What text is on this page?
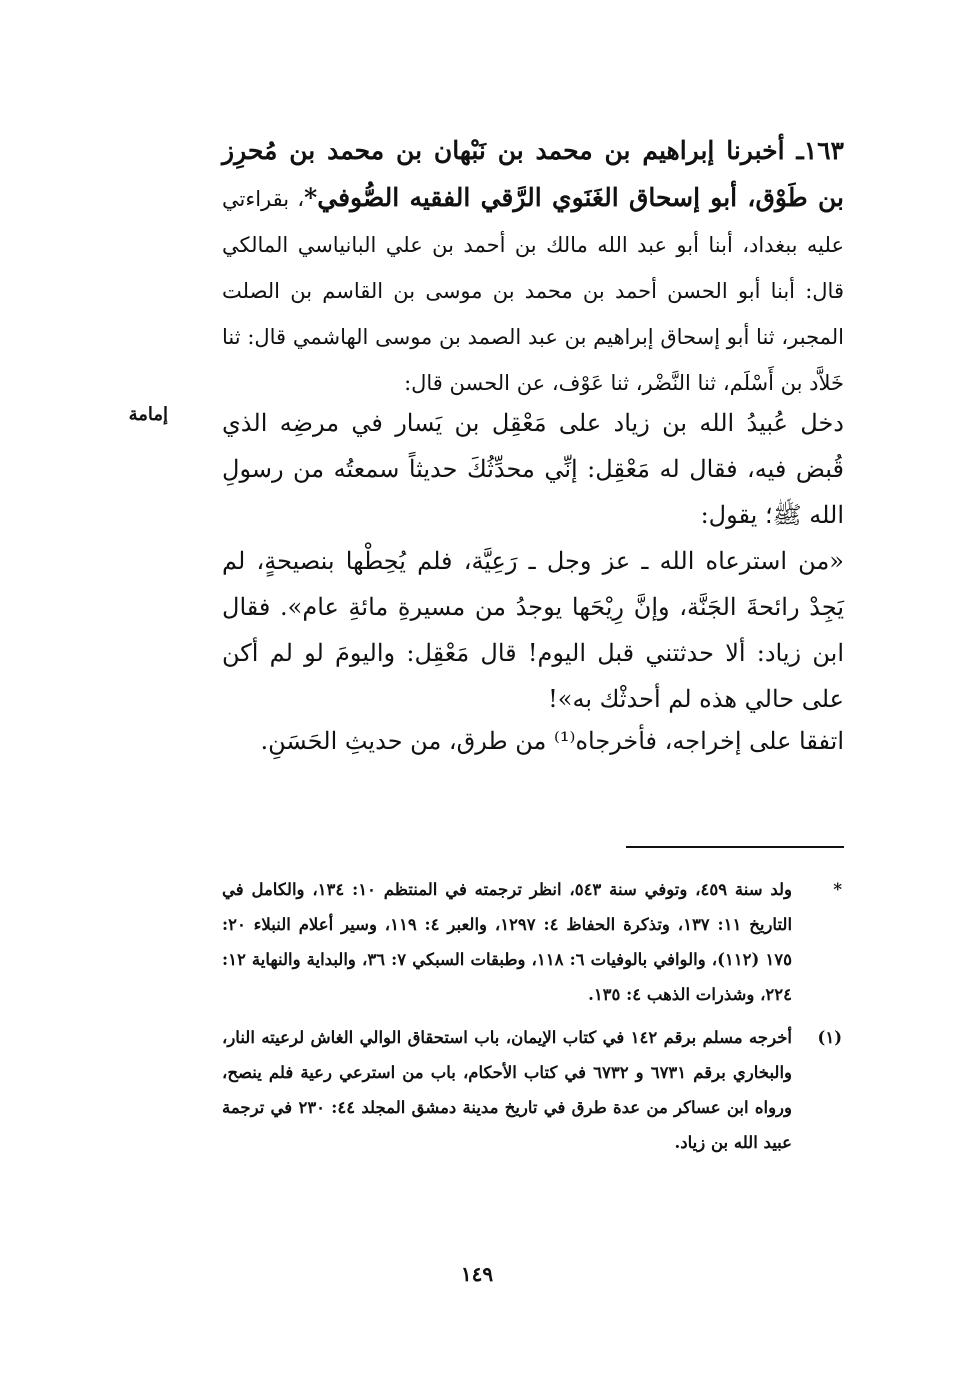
١٦٣ـ أخبرنا إبراهيم بن محمد بن نَبْهان بن محمد بن مُحرِز بن طَوْق، أبو إسحاق الغَنَوي الرَّقي الفقيه الصُّوفي*، بقراءتي عليه ببغداد، أبنا أبو عبد الله مالك بن أحمد بن علي البانياسي المالكي قال: أبنا أبو الحسن أحمد بن محمد بن موسى بن القاسم بن الصلت المجبر، ثنا أبو إسحاق إبراهيم بن عبد الصمد بن موسى الهاشمي قال: ثنا خَلاَّد بن أَسْلَم، ثنا النَّضْر، ثنا عَوْف، عن الحسن قال:
إمامة دخل عُبيدُ الله بن زياد على مَعْقِل بن يَسار في مرضِه الذي قُبض فيه، فقال له مَعْقِل: إنِّي محدِّثُكَ حديثاً سمعتُه من رسولِ الله ﷺ؛ يقول:
«من استرعاه الله ـ عز وجل ـ رَعِيَّة، فلم يُحِطْها بنصيحةٍ، لم يَجِدْ رائحةَ الجَنَّة، وإنَّ رِيْحَها يوجدُ من مسيرةِ مائةِ عام». فقال ابن زياد: ألا حدثتني قبل اليوم! قال مَعْقِل: واليومَ لو لم أكن على حالي هذه لم أحدثْك به»!
اتفقا على إخراجه، فأخرجاه⁽¹⁾ من طرق، من حديثِ الحَسَنِ.
*
ولد سنة ٤٥٩، وتوفي سنة ٥٤٣، انظر ترجمته في المنتظم ١٠: ١٣٤، والكامل في التاريخ ١١: ١٣٧، وتذكرة الحفاظ ٤: ١٢٩٧، والعبر ٤: ١١٩، وسير أعلام النبلاء ٢٠: ١٧٥ (١١٢)، والوافي بالوفيات ٦: ١١٨، وطبقات السبكي ٧: ٣٦، والبداية والنهاية ١٢: ٢٢٤، وشذرات الذهب ٤: ١٣٥.
(١)
أخرجه مسلم برقم ١٤٢ في كتاب الإيمان، باب استحقاق الوالي الغاش لرعيته النار، والبخاري برقم ٦٧٣١ و ٦٧٣٢ في كتاب الأحكام، باب من استرعي رعية فلم ينصح، ورواه ابن عساكر من عدة طرق في تاريخ مدينة دمشق المجلد ٤٤: ٢٣٠ في ترجمة عبيد الله بن زياد.
١٤٩
